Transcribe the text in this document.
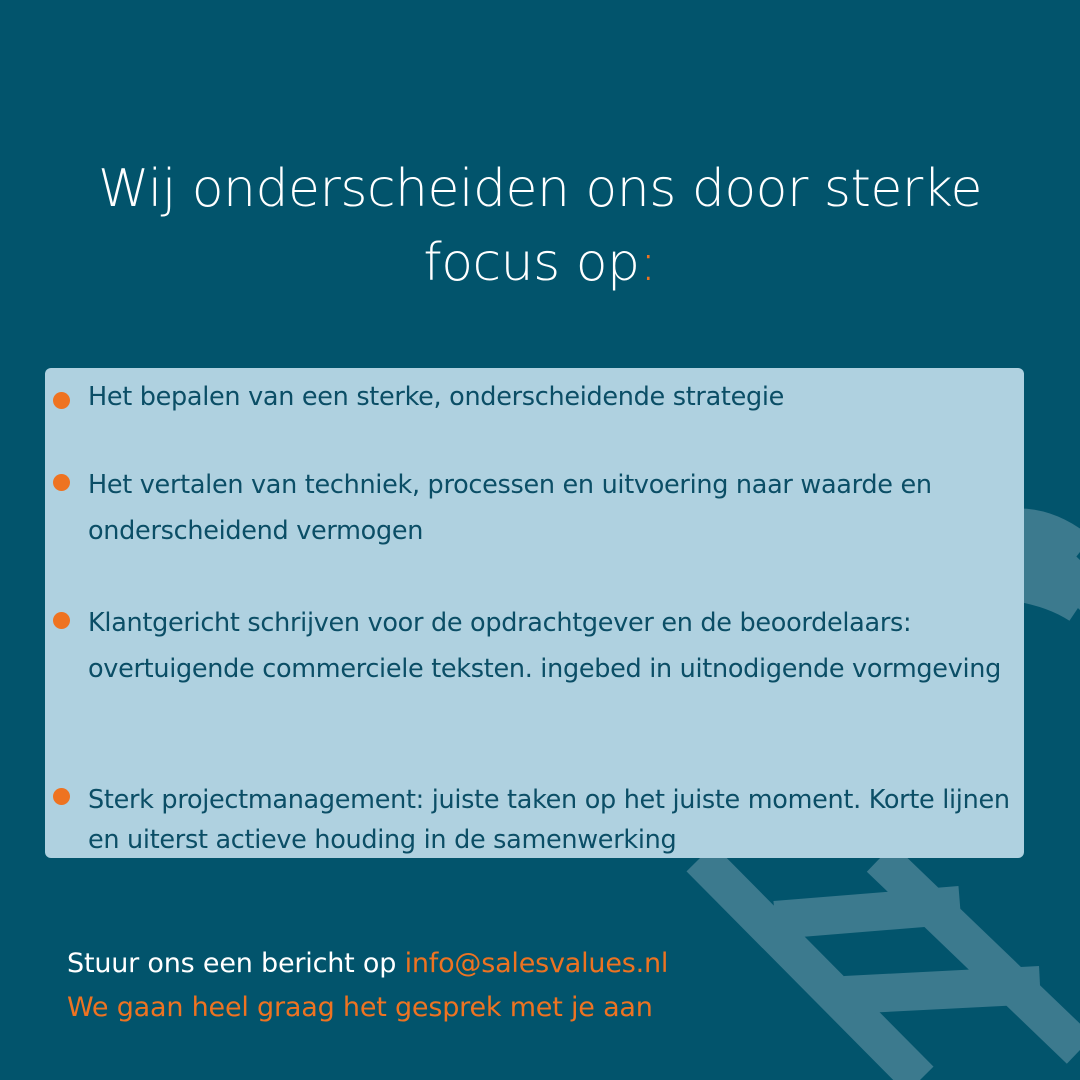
Wij onderscheiden ons door sterke
focus op:
Het bepalen van een sterke, onderscheidende strategie
Het vertalen van techniek, processen en uitvoering naar waarde en onderscheidend vermogen
Klantgericht schrijven voor de opdrachtgever en de beoordelaars: overtuigende commerciele teksten. ingebed in uitnodigende vormgeving
Sterk projectmanagement: juiste taken op het juiste moment. Korte lijnen en uiterst actieve houding in de samenwerking
Stuur ons een bericht op info@salesvalues.nl
We gaan heel graag het gesprek met je aan
